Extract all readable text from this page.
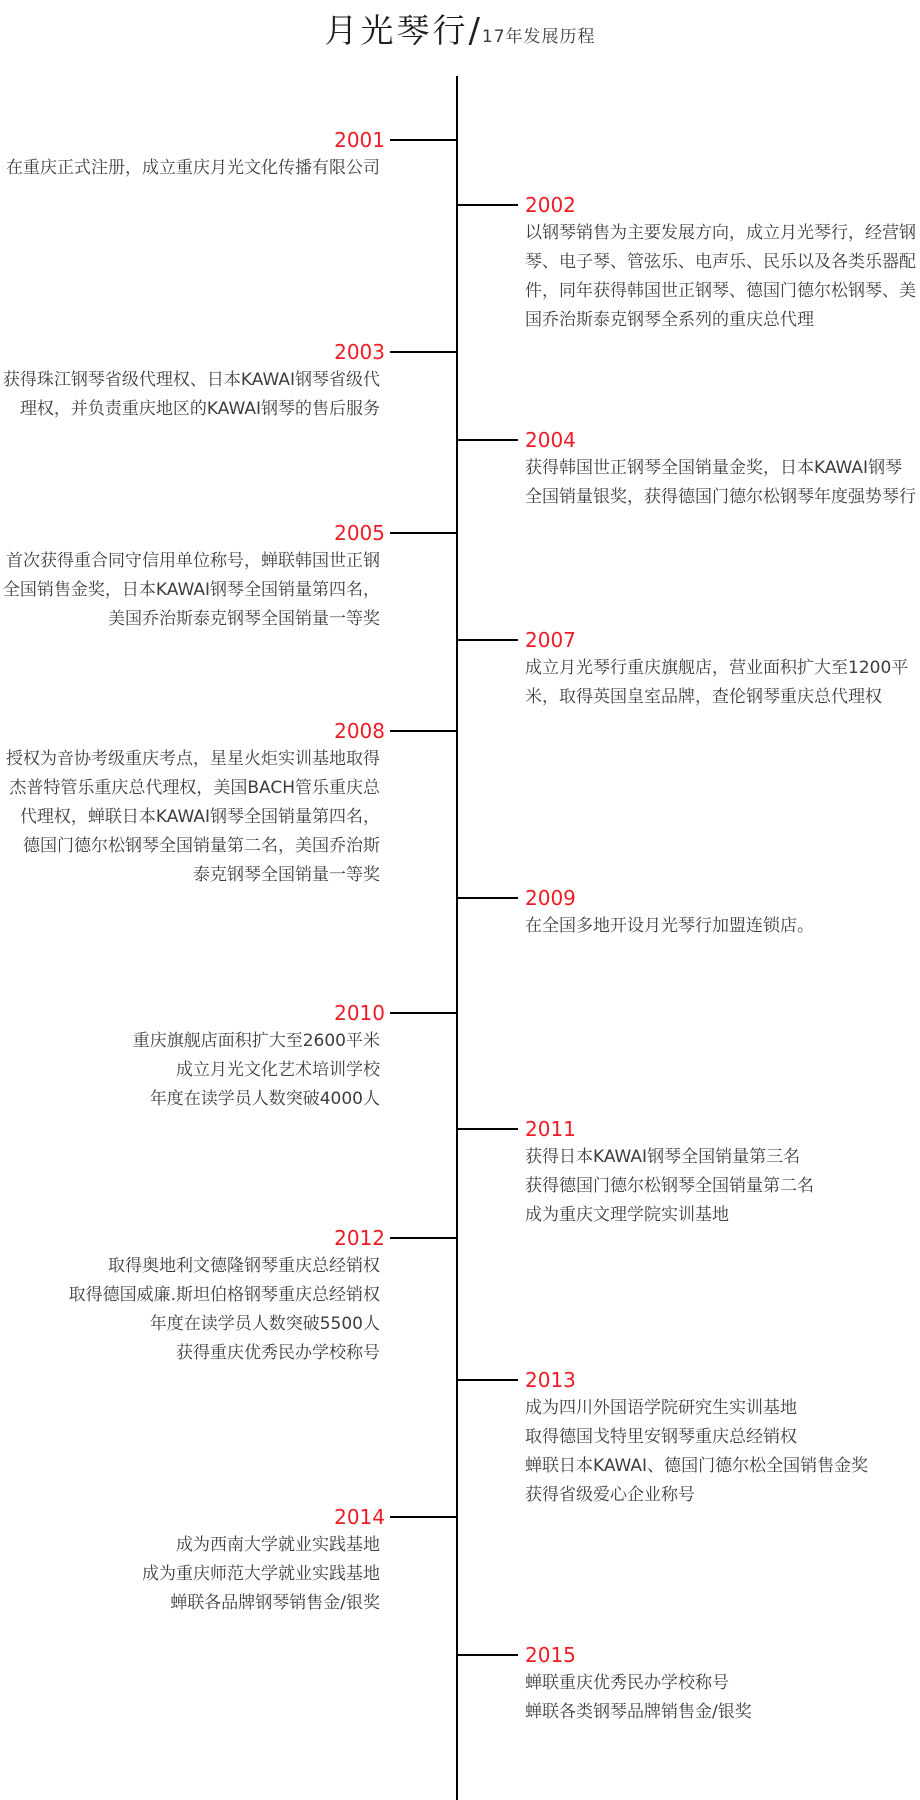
月光琴行/ 17年发展历程
2001
在重庆正式注册，成立重庆月光文化传播有限公司
2002
以钢琴销售为主要发展方向，成立月光琴行，经营钢
琴、电子琴、管弦乐、电声乐、民乐以及各类乐器配
件，同年获得韩国世正钢琴、德国门德尔松钢琴、美
国乔治斯泰克钢琴全系列的重庆总代理
2003
获得珠江钢琴省级代理权、日本KAWAI钢琴省级代
理权，并负责重庆地区的KAWAI钢琴的售后服务
2004
获得韩国世正钢琴全国销量金奖，日本KAWAI钢琴
全国销量银奖，获得德国门德尔松钢琴年度强势琴行
2005
首次获得重合同守信用单位称号，蝉联韩国世正钢
全国销售金奖，日本KAWAI钢琴全国销量第四名，
美国乔治斯泰克钢琴全国销量一等奖
2007
成立月光琴行重庆旗舰店，营业面积扩大至1200平
米，取得英国皇室品牌，查伦钢琴重庆总代理权
2008
授权为音协考级重庆考点，星星火炬实训基地取得
杰普特管乐重庆总代理权，美国BACH管乐重庆总
代理权，蝉联日本KAWAI钢琴全国销量第四名，
德国门德尔松钢琴全国销量第二名，美国乔治斯
泰克钢琴全国销量一等奖
2009
在全国多地开设月光琴行加盟连锁店。
2010
重庆旗舰店面积扩大至2600平米
成立月光文化艺术培训学校
年度在读学员人数突破4000人
2011
获得日本KAWAI钢琴全国销量第三名
获得德国门德尔松钢琴全国销量第二名
成为重庆文理学院实训基地
2012
取得奥地利文德隆钢琴重庆总经销权
取得德国威廉.斯坦伯格钢琴重庆总经销权
年度在读学员人数突破5500人
获得重庆优秀民办学校称号
2013
成为四川外国语学院研究生实训基地
取得德国戈特里安钢琴重庆总经销权
蝉联日本KAWAI、德国门德尔松全国销售金奖
获得省级爱心企业称号
2014
成为西南大学就业实践基地
成为重庆师范大学就业实践基地
蝉联各品牌钢琴销售金/银奖
2015
蝉联重庆优秀民办学校称号
蝉联各类钢琴品牌销售金/银奖
